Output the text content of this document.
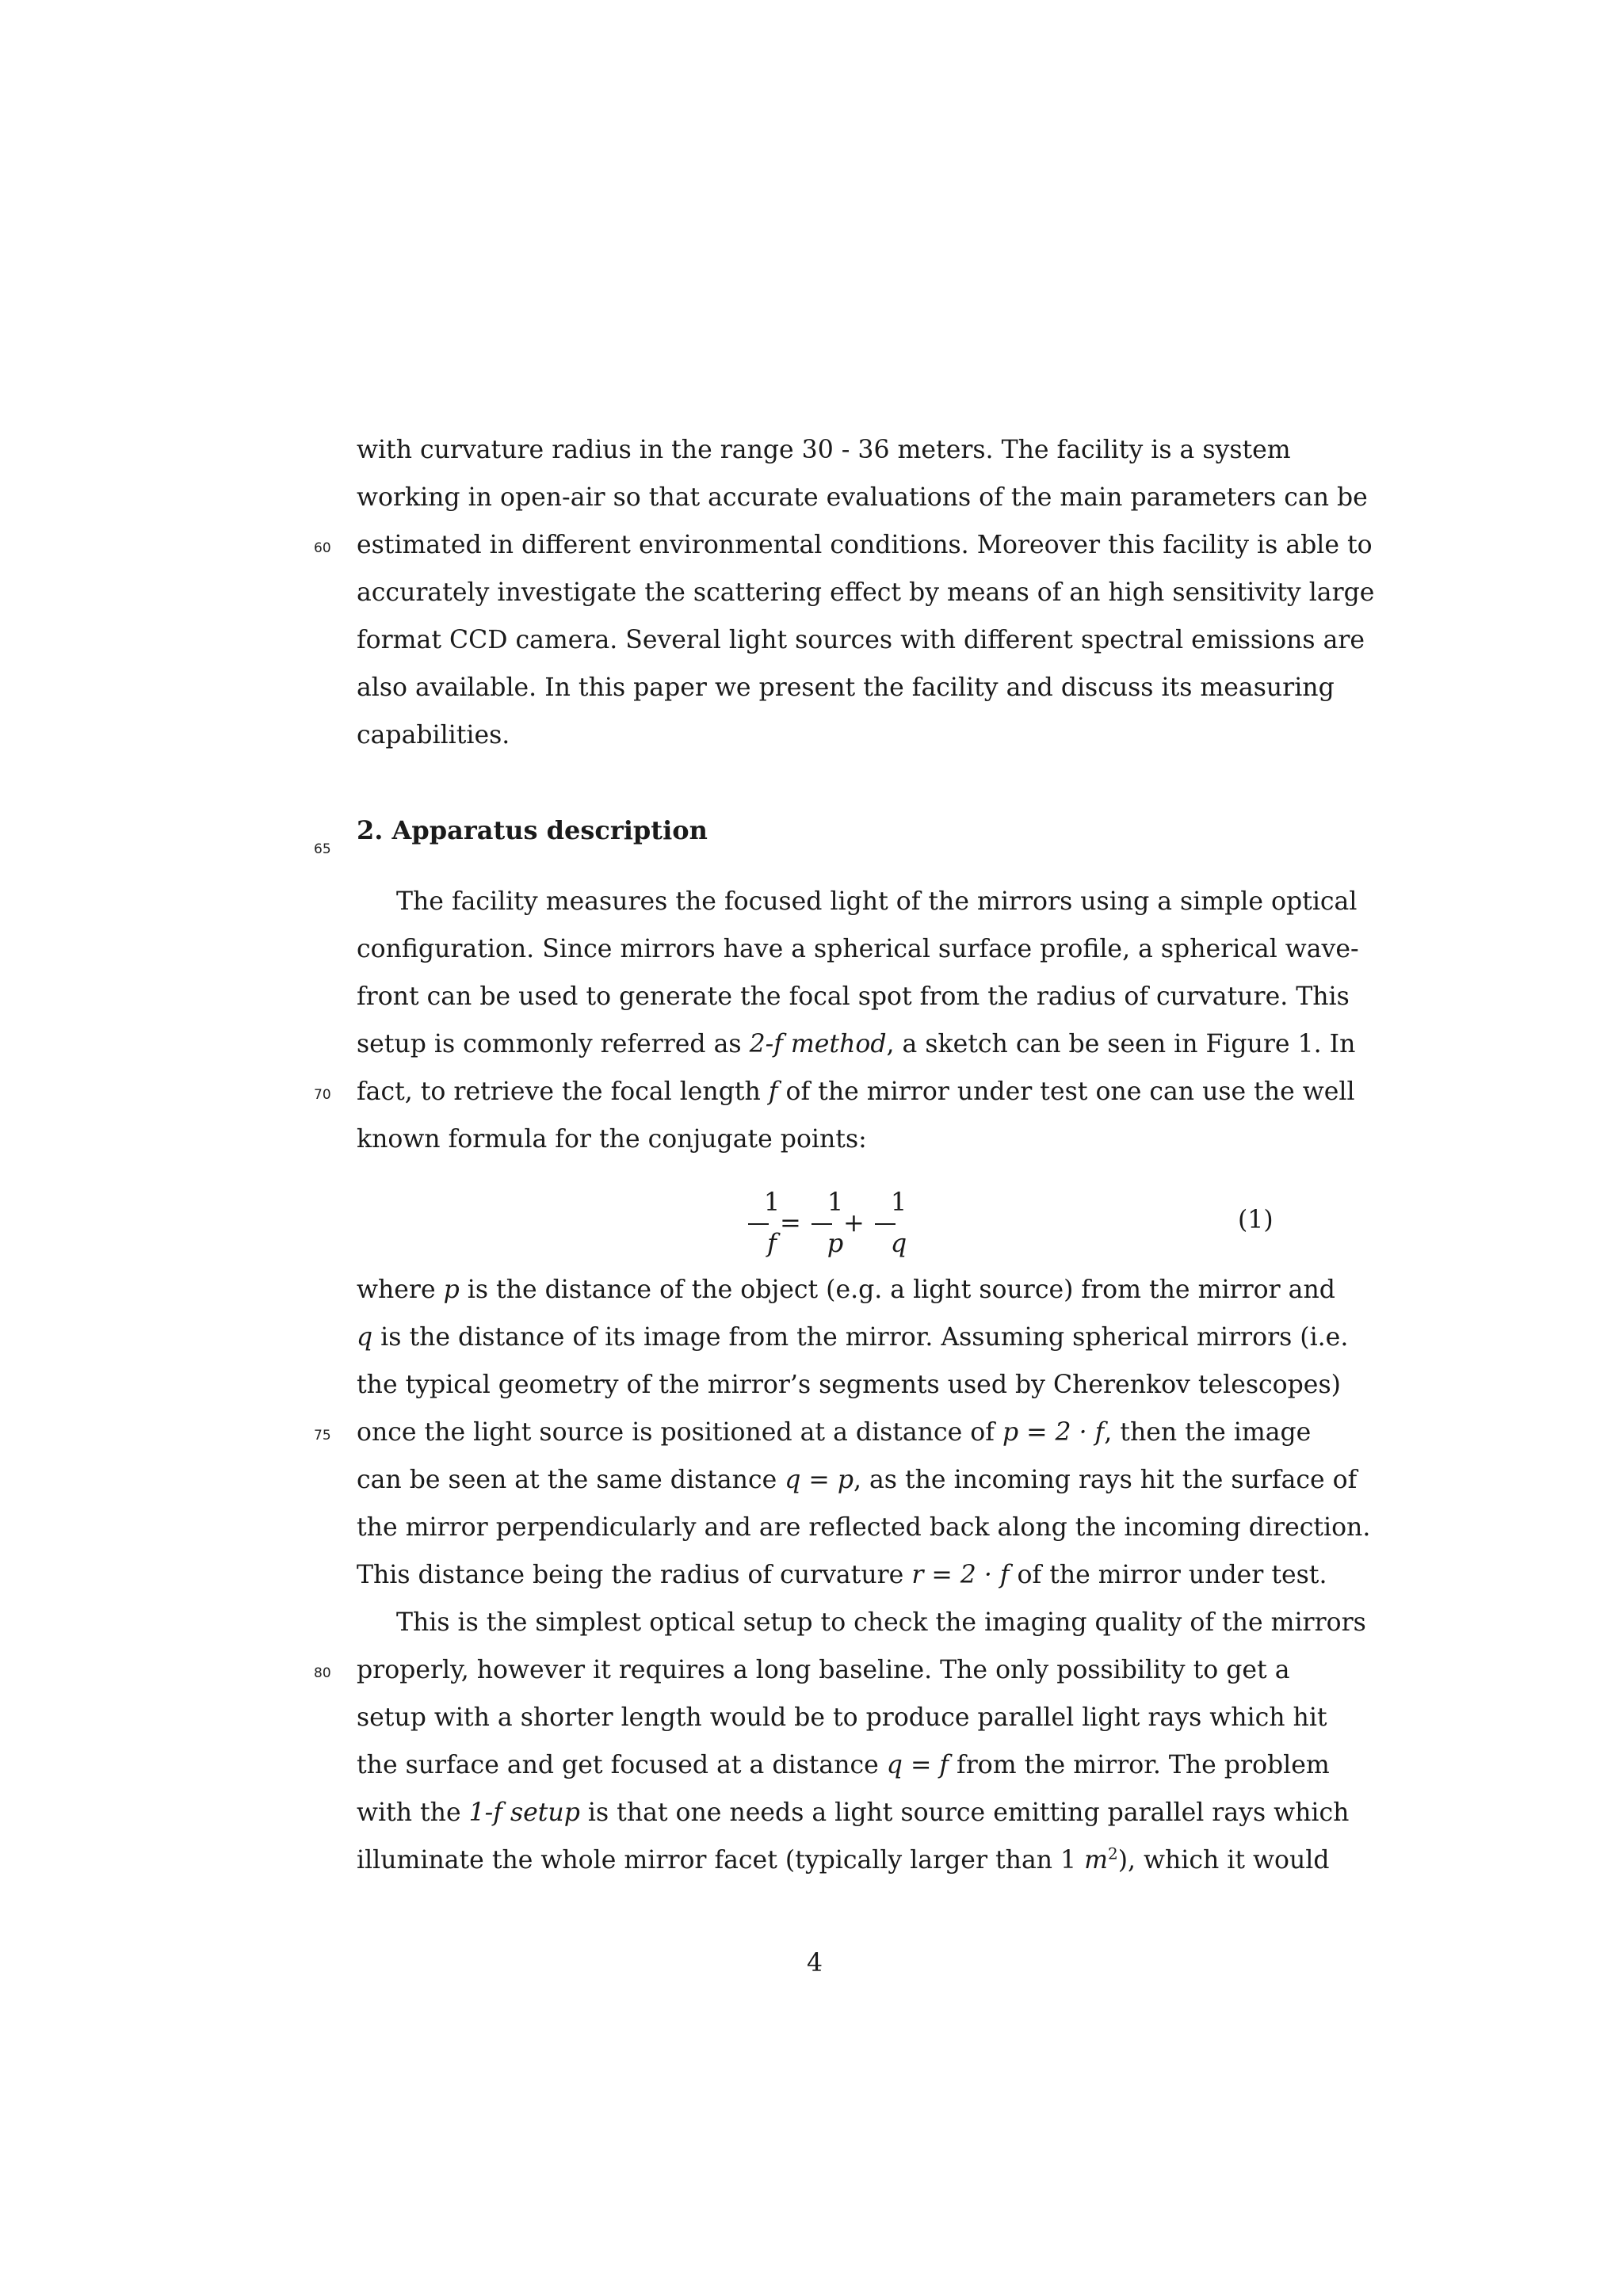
with curvature radius in the range 30 - 36 meters. The facility is a system
working in open-air so that accurate evaluations of the main parameters can be
60 estimated in different environmental conditions. Moreover this facility is able to
accurately investigate the scattering effect by means of an high sensitivity large
format CCD camera. Several light sources with different spectral emissions are
also available. In this paper we present the facility and discuss its measuring
capabilities.
65
2. Apparatus description
The facility measures the focused light of the mirrors using a simple optical
configuration. Since mirrors have a spherical surface profile, a spherical wave-
front can be used to generate the focal spot from the radius of curvature. This
setup is commonly referred as 2-f method, a sketch can be seen in Figure 1. In
70 fact, to retrieve the focal length f of the mirror under test one can use the well
known formula for the conjugate points:
1
f
=
1
p
+
1
q
(1)
where p is the distance of the object (e.g. a light source) from the mirror and
q is the distance of its image from the mirror. Assuming spherical mirrors (i.e.
the typical geometry of the mirror’s segments used by Cherenkov telescopes)
75 once the light source is positioned at a distance of p = 2 · f, then the image
can be seen at the same distance q = p, as the incoming rays hit the surface of
the mirror perpendicularly and are reflected back along the incoming direction.
This distance being the radius of curvature r = 2 · f of the mirror under test.
This is the simplest optical setup to check the imaging quality of the mirrors
80 properly, however it requires a long baseline. The only possibility to get a
setup with a shorter length would be to produce parallel light rays which hit
the surface and get focused at a distance q = f from the mirror. The problem
with the 1-f setup is that one needs a light source emitting parallel rays which
illuminate the whole mirror facet (typically larger than 1 $m^2$), which it would
4
